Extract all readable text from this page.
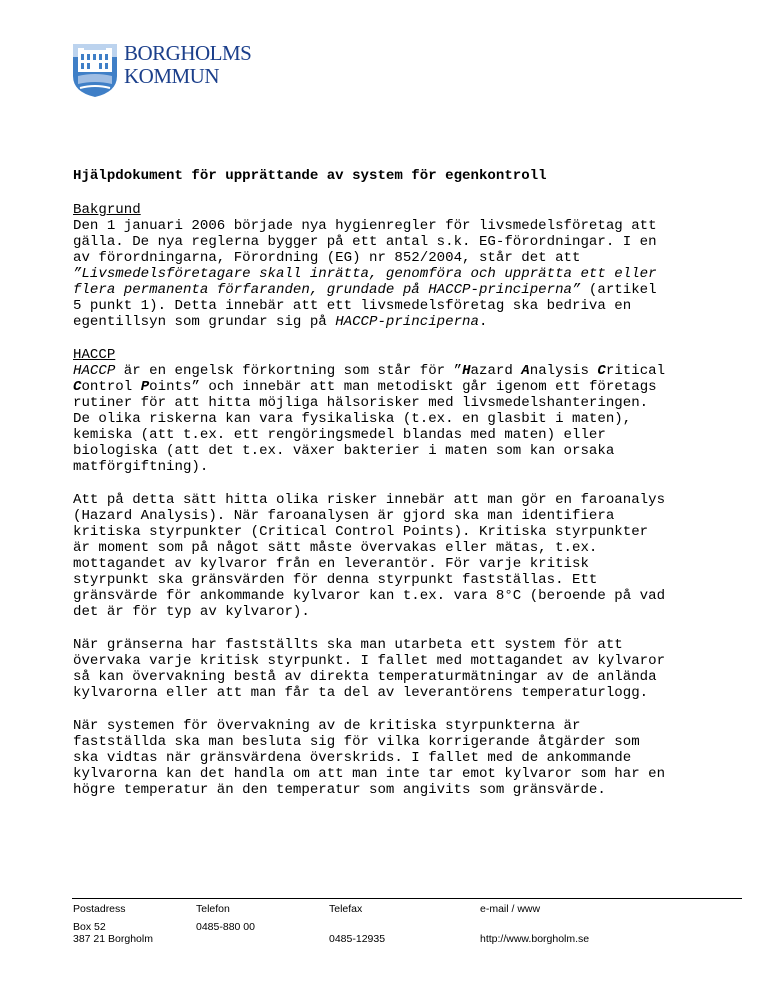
BORGHOLMS
KOMMUN
Hjälpdokument för upprättande av system för egenkontroll
Bakgrund
Den 1 januari 2006 började nya hygienregler för livsmedelsföretag att gälla. De nya reglerna bygger på ett antal s.k. EG-förordningar. I en av förordningarna, Förordning (EG) nr 852/2004, står det att ”Livsmedelsföretagare skall inrätta, genomföra och upprätta ett eller flera permanenta förfaranden, grundade på HACCP-principerna” (artikel 5 punkt 1). Detta innebär att ett livsmedelsföretag ska bedriva en egentillsyn som grundar sig på HACCP-principerna.
HACCP
HACCP är en engelsk förkortning som står för ”Hazard Analysis Critical Control Points” och innebär att man metodiskt går igenom ett företags rutiner för att hitta möjliga hälsorisker med livsmedelshanteringen. De olika riskerna kan vara fysikaliska (t.ex. en glasbit i maten), kemiska (att t.ex. ett rengöringsmedel blandas med maten) eller biologiska (att det t.ex. växer bakterier i maten som kan orsaka matförgiftning).

Att på detta sätt hitta olika risker innebär att man gör en faroanalys (Hazard Analysis). När faroanalysen är gjord ska man identifiera kritiska styrpunkter (Critical Control Points). Kritiska styrpunkter är moment som på något sätt måste övervakas eller mätas, t.ex. mottagandet av kylvaror från en leverantör. För varje kritisk styrpunkt ska gränsvärden för denna styrpunkt fastställas. Ett gränsvärde för ankommande kylvaror kan t.ex. vara 8°C (beroende på vad det är för typ av kylvaror).

När gränserna har fastställts ska man utarbeta ett system för att övervaka varje kritisk styrpunkt. I fallet med mottagandet av kylvaror så kan övervakning bestå av direkta temperaturmätningar av de anlända kylvarorna eller att man får ta del av leverantörens temperaturlogg.

När systemen för övervakning av de kritiska styrpunkterna är fastställda ska man besluta sig för vilka korrigerande åtgärder som ska vidtas när gränsvärdena överskrids. I fallet med de ankommande kylvarorna kan det handla om att man inte tar emot kylvaror som har en högre temperatur än den temperatur som angivits som gränsvärde.

Postadress
Box 52
387 21 Borgholm
Telefon
0485-880 00
Telefax
0485-12935
e-mail / www
http://www.borgholm.se
